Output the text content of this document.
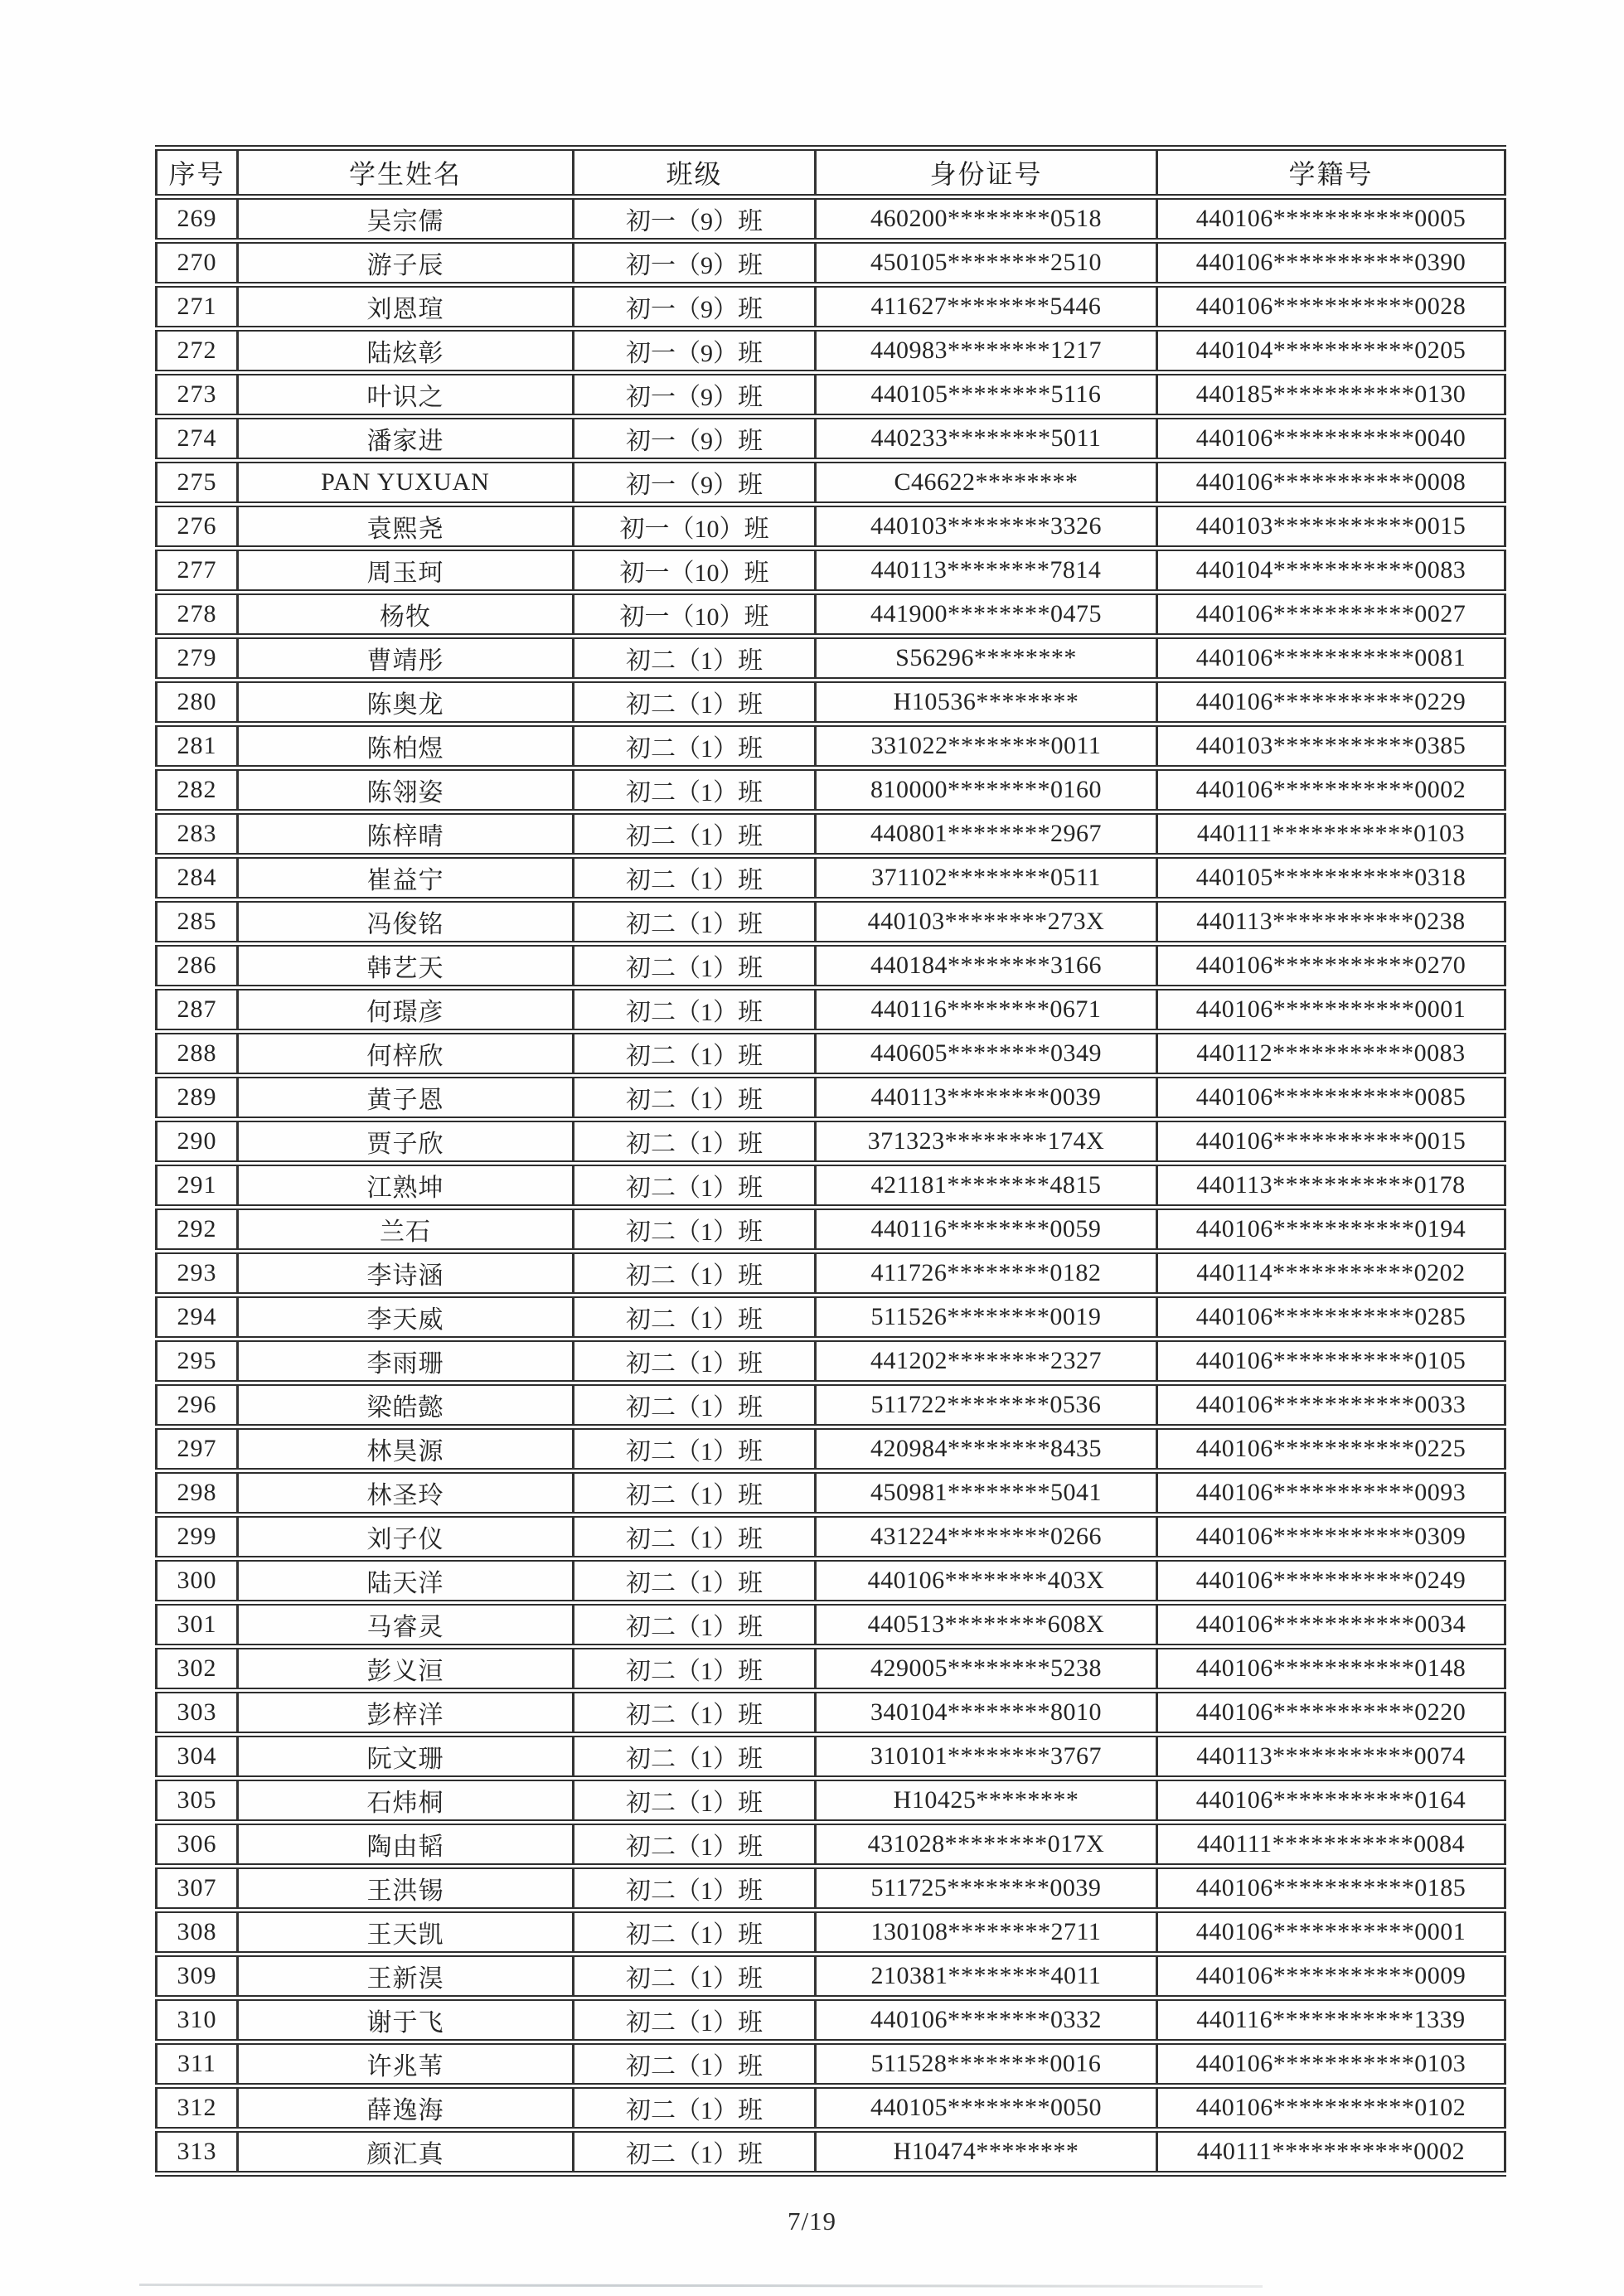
序号	学生姓名	班级	身份证号	学籍号
269	吴宗儒	初一（9）班	460200********0518	440106***********0005
270	游子辰	初一（9）班	450105********2510	440106***********0390
271	刘恩瑄	初一（9）班	411627********5446	440106***********0028
272	陆炫彰	初一（9）班	440983********1217	440104***********0205
273	叶识之	初一（9）班	440105********5116	440185***********0130
274	潘家进	初一（9）班	440233********5011	440106***********0040
275	PAN YUXUAN	初一（9）班	C46622********	440106***********0008
276	袁熙尧	初一（10）班	440103********3326	440103***********0015
277	周玉珂	初一（10）班	440113********7814	440104***********0083
278	杨牧	初一（10）班	441900********0475	440106***********0027
279	曹靖彤	初二（1）班	S56296********	440106***********0081
280	陈奥龙	初二（1）班	H10536********	440106***********0229
281	陈柏煜	初二（1）班	331022********0011	440103***********0385
282	陈翎姿	初二（1）班	810000********0160	440106***********0002
283	陈梓晴	初二（1）班	440801********2967	440111***********0103
284	崔益宁	初二（1）班	371102********0511	440105***********0318
285	冯俊铭	初二（1）班	440103********273X	440113***********0238
286	韩艺天	初二（1）班	440184********3166	440106***********0270
287	何璟彦	初二（1）班	440116********0671	440106***********0001
288	何梓欣	初二（1）班	440605********0349	440112***********0083
289	黄子恩	初二（1）班	440113********0039	440106***********0085
290	贾子欣	初二（1）班	371323********174X	440106***********0015
291	江熟坤	初二（1）班	421181********4815	440113***********0178
292	兰石	初二（1）班	440116********0059	440106***********0194
293	李诗涵	初二（1）班	411726********0182	440114***********0202
294	李天威	初二（1）班	511526********0019	440106***********0285
295	李雨珊	初二（1）班	441202********2327	440106***********0105
296	梁皓懿	初二（1）班	511722********0536	440106***********0033
297	林昊源	初二（1）班	420984********8435	440106***********0225
298	林圣玲	初二（1）班	450981********5041	440106***********0093
299	刘子仪	初二（1）班	431224********0266	440106***********0309
300	陆天洋	初二（1）班	440106********403X	440106***********0249
301	马睿灵	初二（1）班	440513********608X	440106***********0034
302	彭义洹	初二（1）班	429005********5238	440106***********0148
303	彭梓洋	初二（1）班	340104********8010	440106***********0220
304	阮文珊	初二（1）班	310101********3767	440113***********0074
305	石炜桐	初二（1）班	H10425********	440106***********0164
306	陶由韬	初二（1）班	431028********017X	440111***********0084
307	王洪锡	初二（1）班	511725********0039	440106***********0185
308	王天凯	初二（1）班	130108********2711	440106***********0001
309	王新淏	初二（1）班	210381********4011	440106***********0009
310	谢于飞	初二（1）班	440106********0332	440116***********1339
311	许兆苇	初二（1）班	511528********0016	440106***********0103
312	薛逸海	初二（1）班	440105********0050	440106***********0102
313	颜汇真	初二（1）班	H10474********	440111***********0002
7/19
